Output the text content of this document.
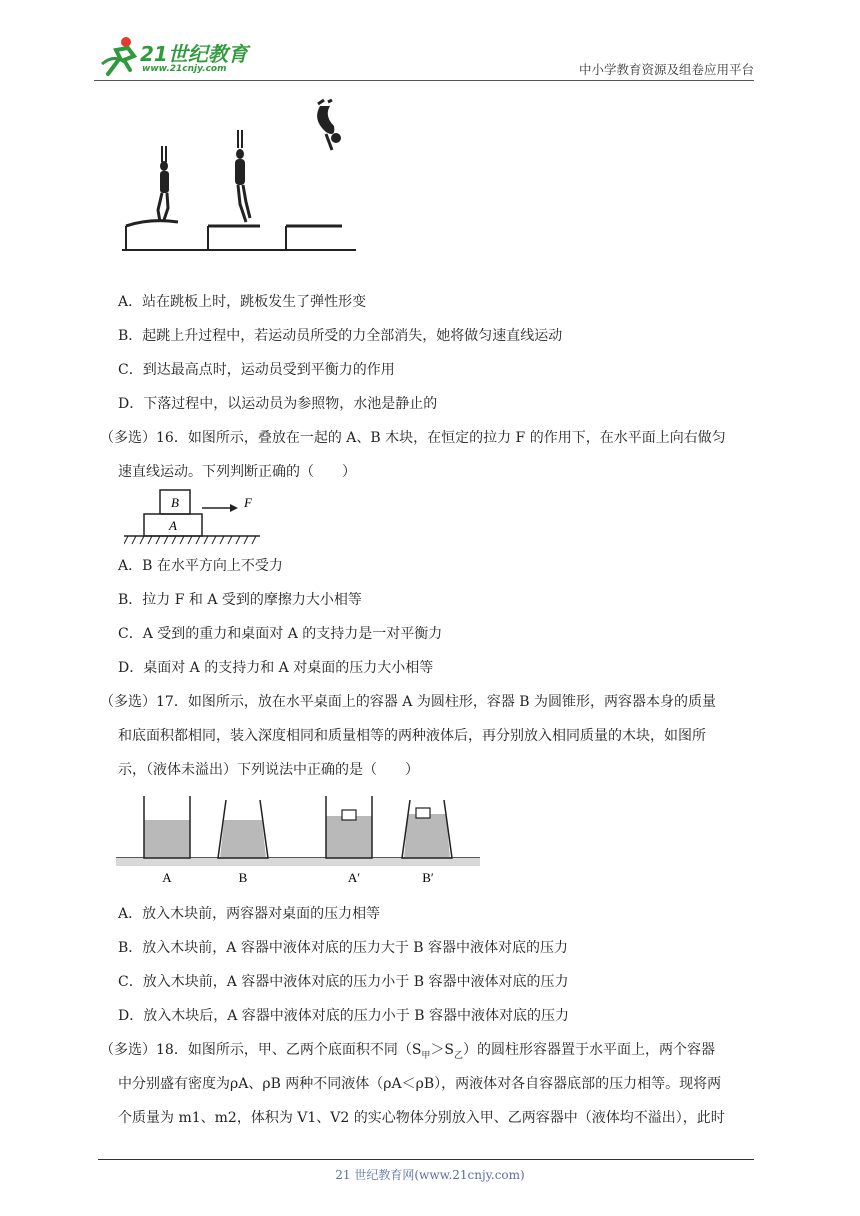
21世纪教育
www.21cnjy.com	中小学教育资源及组卷应用平台
A．站在跳板上时，跳板发生了弹性形变
B．起跳上升过程中，若运动员所受的力全部消失，她将做匀速直线运动
C．到达最高点时，运动员受到平衡力的作用
D．下落过程中，以运动员为参照物，水池是静止的
（多选）16．如图所示，叠放在一起的 A、B 木块，在恒定的拉力 F 的作用下，在水平面上向右做匀
速直线运动。下列判断正确的（　　）
B
A
F
A．B 在水平方向上不受力
B．拉力 F 和 A 受到的摩擦力大小相等
C．A 受到的重力和桌面对 A 的支持力是一对平衡力
D．桌面对 A 的支持力和 A 对桌面的压力大小相等
（多选）17．如图所示，放在水平桌面上的容器 A 为圆柱形，容器 B 为圆锥形，两容器本身的质量
和底面积都相同，装入深度相同和质量相等的两种液体后，再分别放入相同质量的木块，如图所
示，（液体未溢出）下列说法中正确的是（　　）
A	B	A′	B′
A．放入木块前，两容器对桌面的压力相等
B．放入木块前，A 容器中液体对底的压力大于 B 容器中液体对底的压力
C．放入木块前，A 容器中液体对底的压力小于 B 容器中液体对底的压力
D．放入木块后，A 容器中液体对底的压力小于 B 容器中液体对底的压力
（多选）18．如图所示，甲、乙两个底面积不同$(S_甲>S_乙)$的圆柱形容器置于水平面上，两个容器
中分别盛有密度为ρA、ρB 两种不同液体（ρA＜ρB），两液体对各自容器底部的压力相等。现将两
个质量为 m1、m2，体积为 V1、V2 的实心物体分别放入甲、乙两容器中（液体均不溢出），此时
21 世纪教育网(www.21cnjy.com)
